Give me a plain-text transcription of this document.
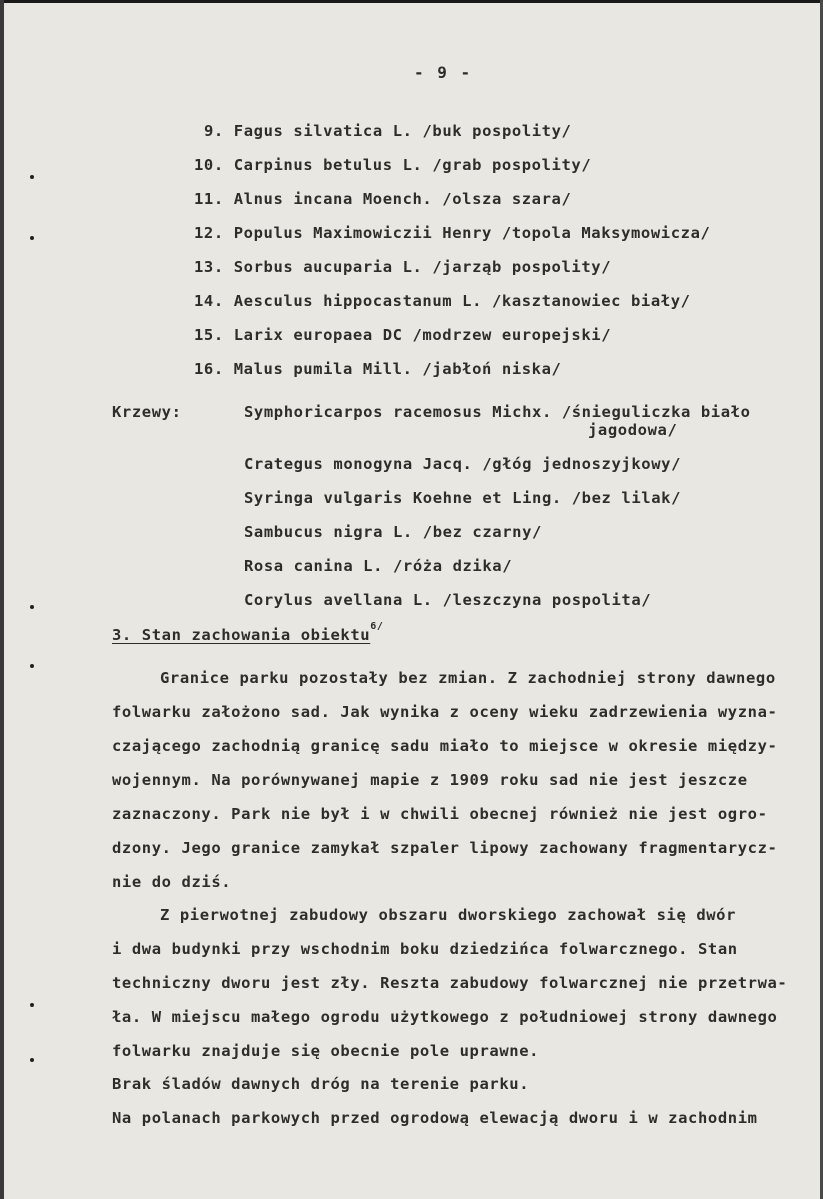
- 9 -
9. Fagus silvatica L. /buk pospolity/
10. Carpinus betulus L. /grab pospolity/
11. Alnus incana Moench. /olsza szara/
12. Populus Maximowiczii Henry /topola Maksymowicza/
13. Sorbus aucuparia L. /jarząb pospolity/
14. Aesculus hippocastanum L. /kasztanowiec biały/
15. Larix europaea DC /modrzew europejski/
16. Malus pumila Mill. /jabłoń niska/
Krzewy:	Symphoricarpos racemosus Michx. /śnieguliczka biało
jagodowa/
Crategus monogyna Jacq. /głóg jednoszyjkowy/
Syringa vulgaris Koehne et Ling. /bez lilak/
Sambucus nigra L. /bez czarny/
Rosa canina L. /róża dzika/
Corylus avellana L. /leszczyna pospolita/
3. Stan zachowania obiektu$^{6/}$
Granice parku pozostały bez zmian. Z zachodniej strony dawnego
folwarku założono sad. Jak wynika z oceny wieku zadrzewienia wyzna-
czającego zachodnią granicę sadu miało to miejsce w okresie między-
wojennym. Na porównywanej mapie z 1909 roku sad nie jest jeszcze
zaznaczony. Park nie był i w chwili obecnej również nie jest ogro-
dzony. Jego granice zamykał szpaler lipowy zachowany fragmentarycz-
nie do dziś.
Z pierwotnej zabudowy obszaru dworskiego zachował się dwór
i dwa budynki przy wschodnim boku dziedzińca folwarcznego. Stan
techniczny dworu jest zły. Reszta zabudowy folwarcznej nie przetrwa-
ła. W miejscu małego ogrodu użytkowego z południowej strony dawnego
folwarku znajduje się obecnie pole uprawne.
Brak śladów dawnych dróg na terenie parku.
Na polanach parkowych przed ogrodową elewacją dworu i w zachodnim
